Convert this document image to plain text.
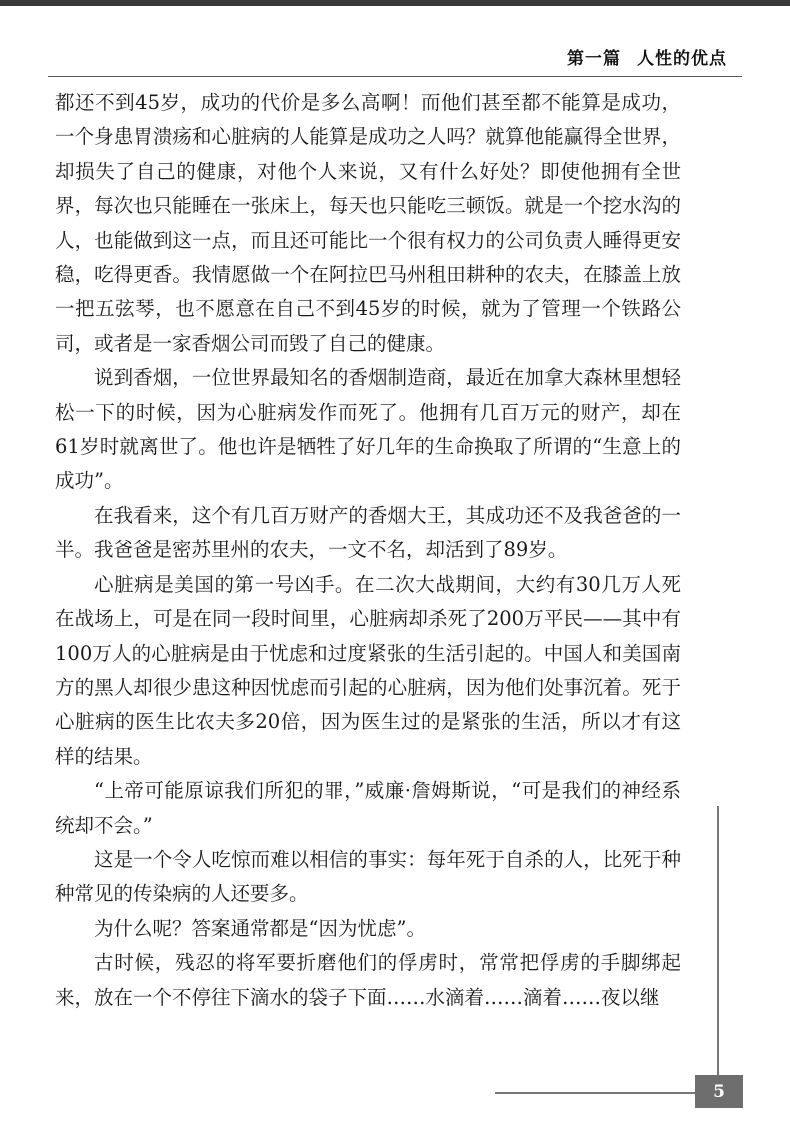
第一篇 人性的优点

都还不到45岁，成功的代价是多么高啊！而他们甚至都不能算是成功，一个身患胃溃疡和心脏病的人能算是成功之人吗？就算他能赢得全世界，却损失了自己的健康，对他个人来说，又有什么好处？即使他拥有全世界，每次也只能睡在一张床上，每天也只能吃三顿饭。就是一个挖水沟的人，也能做到这一点，而且还可能比一个很有权力的公司负责人睡得更安稳，吃得更香。我情愿做一个在阿拉巴马州租田耕种的农夫，在膝盖上放一把五弦琴，也不愿意在自己不到45岁的时候，就为了管理一个铁路公司，或者是一家香烟公司而毁了自己的健康。

说到香烟，一位世界最知名的香烟制造商，最近在加拿大森林里想轻松一下的时候，因为心脏病发作而死了。他拥有几百万元的财产，却在61岁时就离世了。他也许是牺牲了好几年的生命换取了所谓的“生意上的成功”。

在我看来，这个有几百万财产的香烟大王，其成功还不及我爸爸的一半。我爸爸是密苏里州的农夫，一文不名，却活到了89岁。

心脏病是美国的第一号凶手。在二次大战期间，大约有30几万人死在战场上，可是在同一段时间里，心脏病却杀死了200万平民——其中有100万人的心脏病是由于忧虑和过度紧张的生活引起的。中国人和美国南方的黑人却很少患这种因忧虑而引起的心脏病，因为他们处事沉着。死于心脏病的医生比农夫多20倍，因为医生过的是紧张的生活，所以才有这样的结果。

“上帝可能原谅我们所犯的罪，”威廉·詹姆斯说，“可是我们的神经系统却不会。”

这是一个令人吃惊而难以相信的事实：每年死于自杀的人，比死于种种常见的传染病的人还要多。

为什么呢？答案通常都是“因为忧虑”。

古时候，残忍的将军要折磨他们的俘虏时，常常把俘虏的手脚绑起来，放在一个不停往下滴水的袋子下面……水滴着……滴着……夜以继

5
